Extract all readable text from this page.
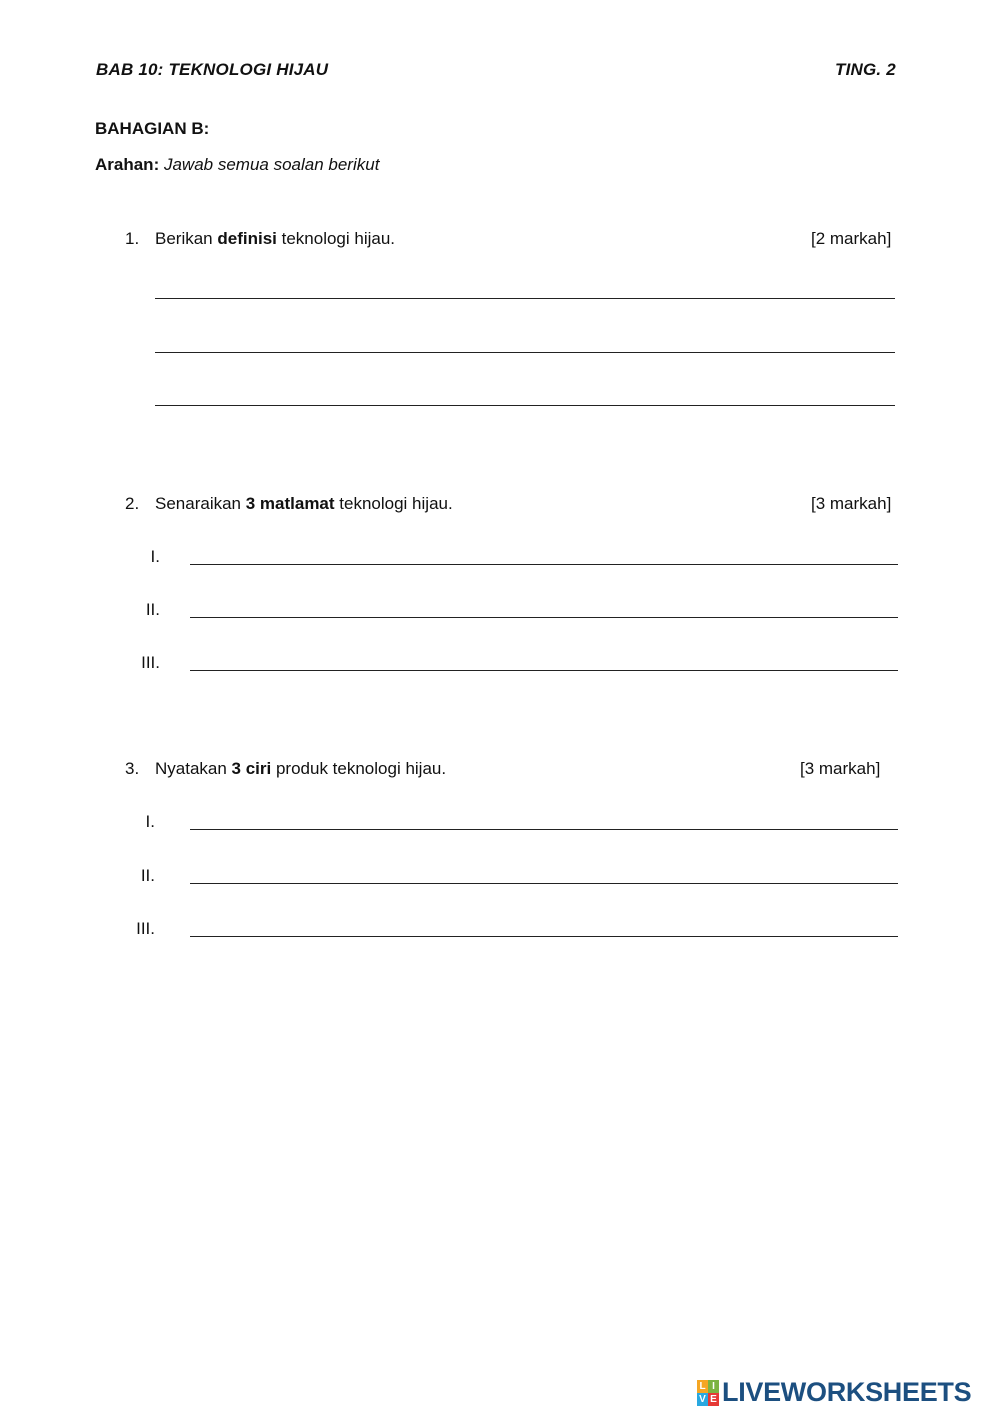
BAB 10: TEKNOLOGI HIJAU	TING. 2
BAHAGIAN B:
Arahan: Jawab semua soalan berikut
1. Berikan definisi teknologi hijau.	[2 markah]
2. Senaraikan 3 matlamat teknologi hijau.	[3 markah]
I.
II.
III.
3. Nyatakan 3 ciri produk teknologi hijau.	[3 markah]
I.
II.
III.
L I
V E LIVEWORKSHEETS
